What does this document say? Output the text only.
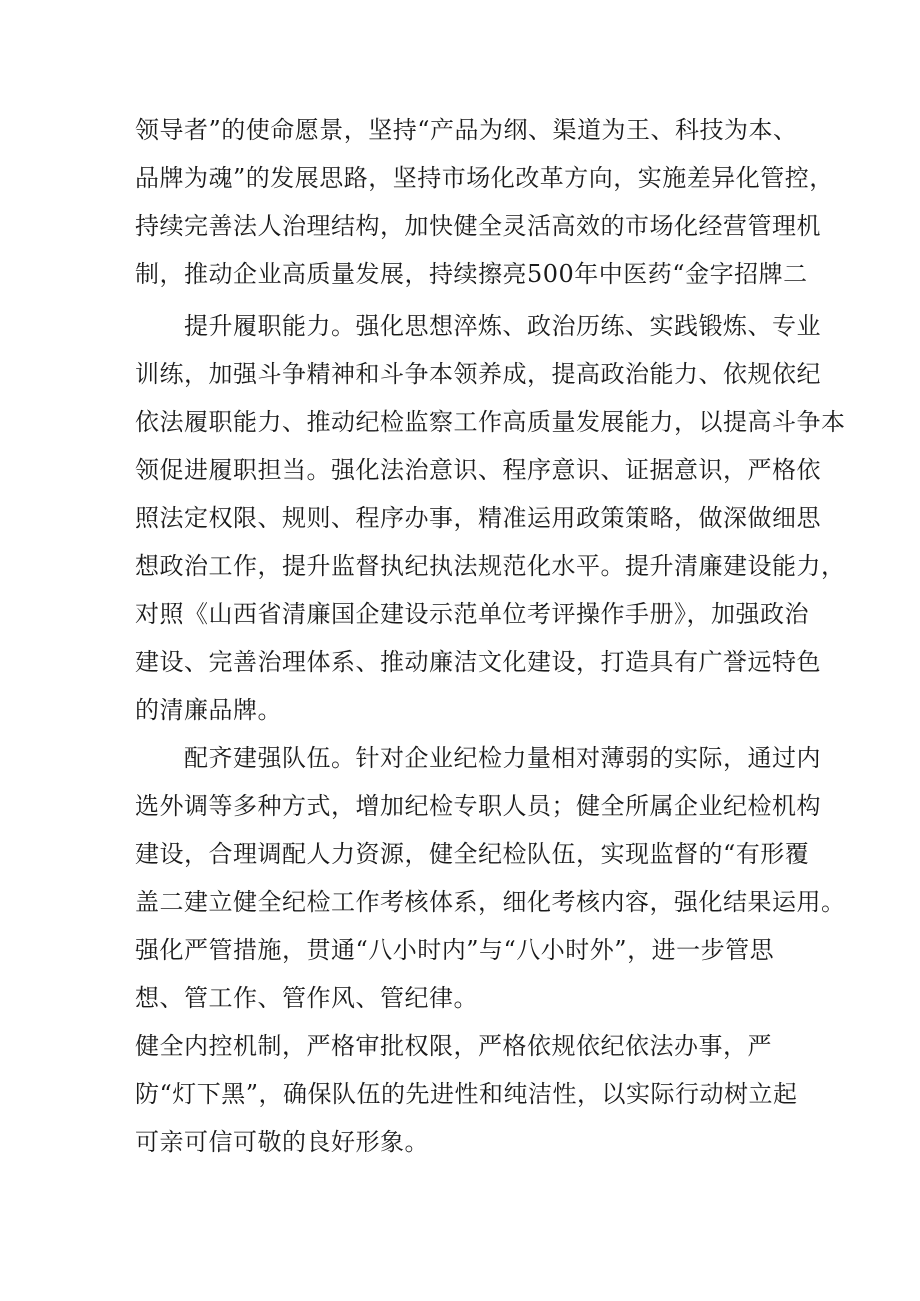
领导者”的使命愿景，坚持“产品为纲、渠道为王、科技为本、
品牌为魂”的发展思路，坚持市场化改革方向，实施差异化管控，
持续完善法人治理结构，加快健全灵活高效的市场化经营管理机
制，推动企业高质量发展，持续擦亮500年中医药“金字招牌二
提升履职能力。强化思想淬炼、政治历练、实践锻炼、专业
训练，加强斗争精神和斗争本领养成，提高政治能力、依规依纪
依法履职能力、推动纪检监察工作高质量发展能力，以提高斗争本
领促进履职担当。强化法治意识、程序意识、证据意识，严格依
照法定权限、规则、程序办事，精准运用政策策略，做深做细思
想政治工作，提升监督执纪执法规范化水平。提升清廉建设能力，
对照《山西省清廉国企建设示范单位考评操作手册》，加强政治
建设、完善治理体系、推动廉洁文化建设，打造具有广誉远特色
的清廉品牌。
配齐建强队伍。针对企业纪检力量相对薄弱的实际，通过内
选外调等多种方式，增加纪检专职人员；健全所属企业纪检机构
建设，合理调配人力资源，健全纪检队伍，实现监督的“有形覆
盖二建立健全纪检工作考核体系，细化考核内容，强化结果运用。
强化严管措施，贯通“八小时内”与“八小时外”，进一步管思
想、管工作、管作风、管纪律。
健全内控机制，严格审批权限，严格依规依纪依法办事，严
防“灯下黑”，确保队伍的先进性和纯洁性，以实际行动树立起
可亲可信可敬的良好形象。
